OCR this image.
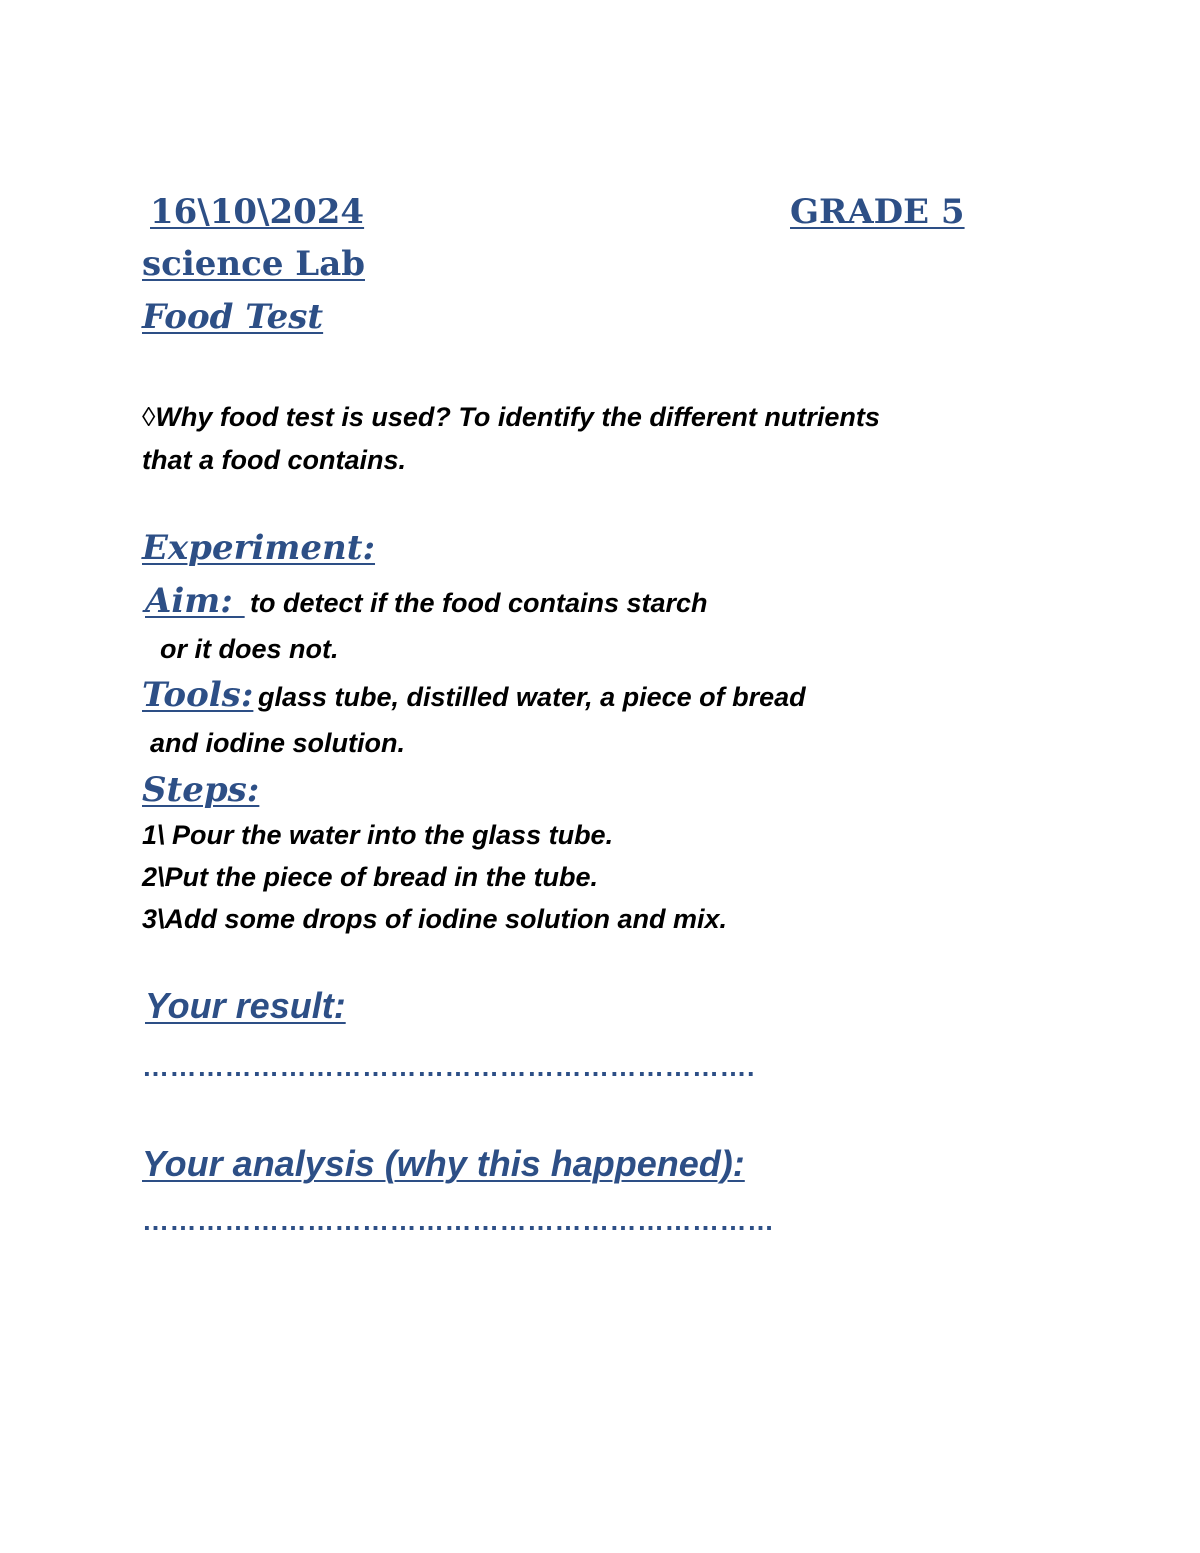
16\10\2024	GRADE 5
science Lab
Food Test
◊Why food test is used? To identify the different nutrients
that a food contains.
Experiment:
Aim: to detect if the food contains starch
or it does not.
Tools: glass tube, distilled water, a piece of bread
and iodine solution.
Steps:
1\ Pour the water into the glass tube.
2\Put the piece of bread in the tube.
3\Add some drops of iodine solution and mix.
Your result:
………………………………………………………….
Your analysis (why this happened):
……………………………………………………………
